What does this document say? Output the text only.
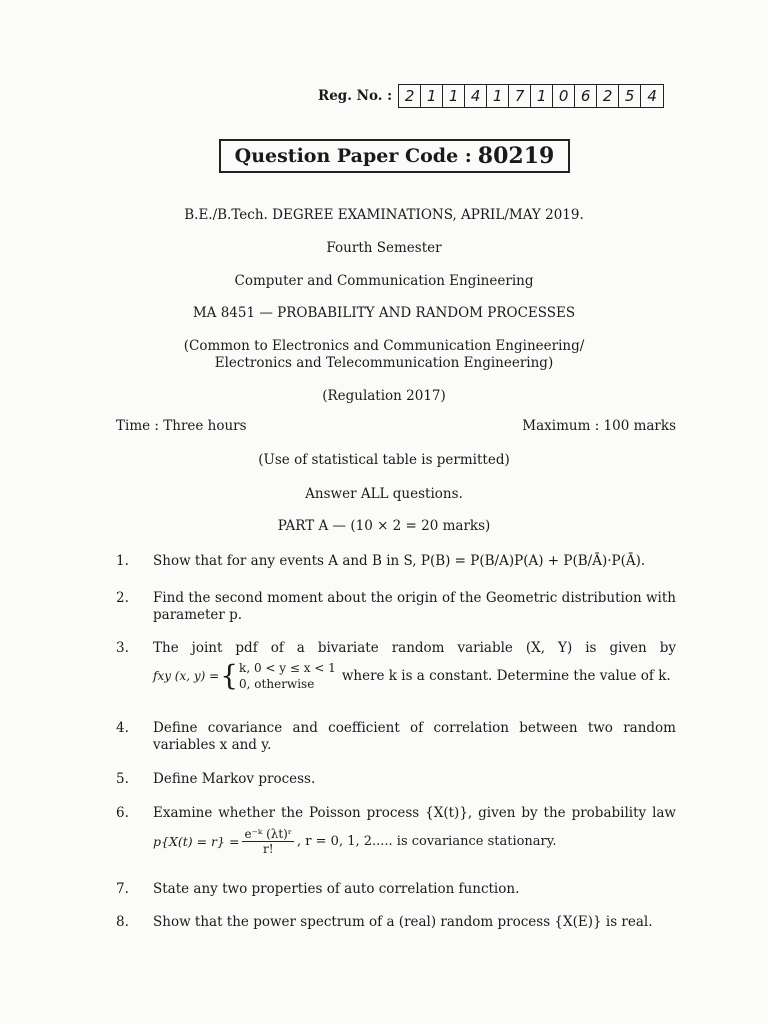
Reg. No. : 2 1 1 4 1 7 1 0 6 2 5 4
Question Paper Code : 80219
B.E./B.Tech. DEGREE EXAMINATIONS, APRIL/MAY 2019.
Fourth Semester
Computer and Communication Engineering
MA 8451 — PROBABILITY AND RANDOM PROCESSES
(Common to Electronics and Communication Engineering/
Electronics and Telecommunication Engineering)
(Regulation 2017)
Time : Three hours	Maximum : 100 marks
(Use of statistical table is permitted)
Answer ALL questions.
PART A — (10 × 2 = 20 marks)
1.	Show that for any events A and B in S, P(B) = P(B/A)P(A) + P(B/Ā)·P(Ā).
2.	Find the second moment about the origin of the Geometric distribution with parameter p.
3.	The joint pdf of a bivariate random variable (X, Y) is given by
fxy (x, y) = { k, 0 < y ≤ x < 1
0, otherwise
where k is a constant. Determine the value of k.
4.	Define covariance and coefficient of correlation between two random variables x and y.
5.	Define Markov process.
6.	Examine whether the Poisson process {X(t)}, given by the probability law
$p\{X(t) = r\} = \frac{\text{e⁻ᵏ (λt)ʳ}}{r!}$ , r = 0, 1, 2..... is covariance stationary.
7.	State any two properties of auto correlation function.
8.	Show that the power spectrum of a (real) random process {X(E)} is real.
